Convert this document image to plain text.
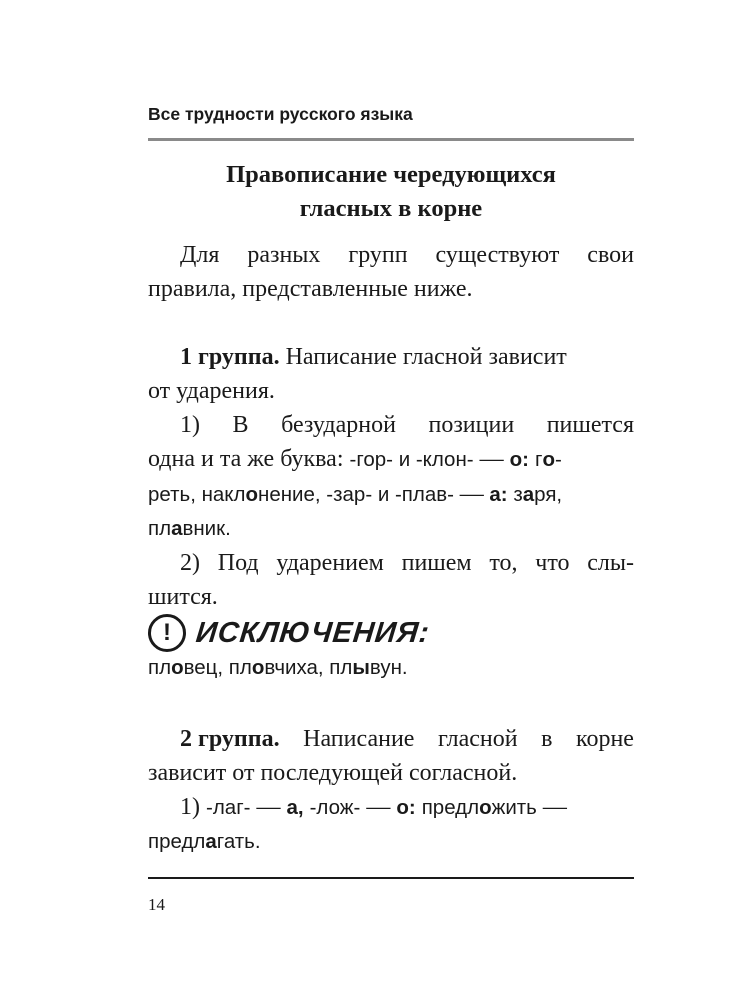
Все трудности русского языка
Правописание чередующихся
гласных в корне
Для разных групп существуют свои
правила, представленные ниже.
1 группа. Написание гласной зависит
от ударения.
1) В безударной позиции пишется
одна и та же буква: -гор- и -клон- — о: го-
реть, наклонение, -зар- и -плав- — а: заря,
плавник.
2) Под ударением пишем то, что слы-
шится.
! ИСКЛЮЧЕНИЯ:
пловец, пловчиха, плывун.
2 группа. Написание гласной в корне
зависит от последующей согласной.
1) -лаг- — а, -лож- — о: предложить —
предлагать.
14
